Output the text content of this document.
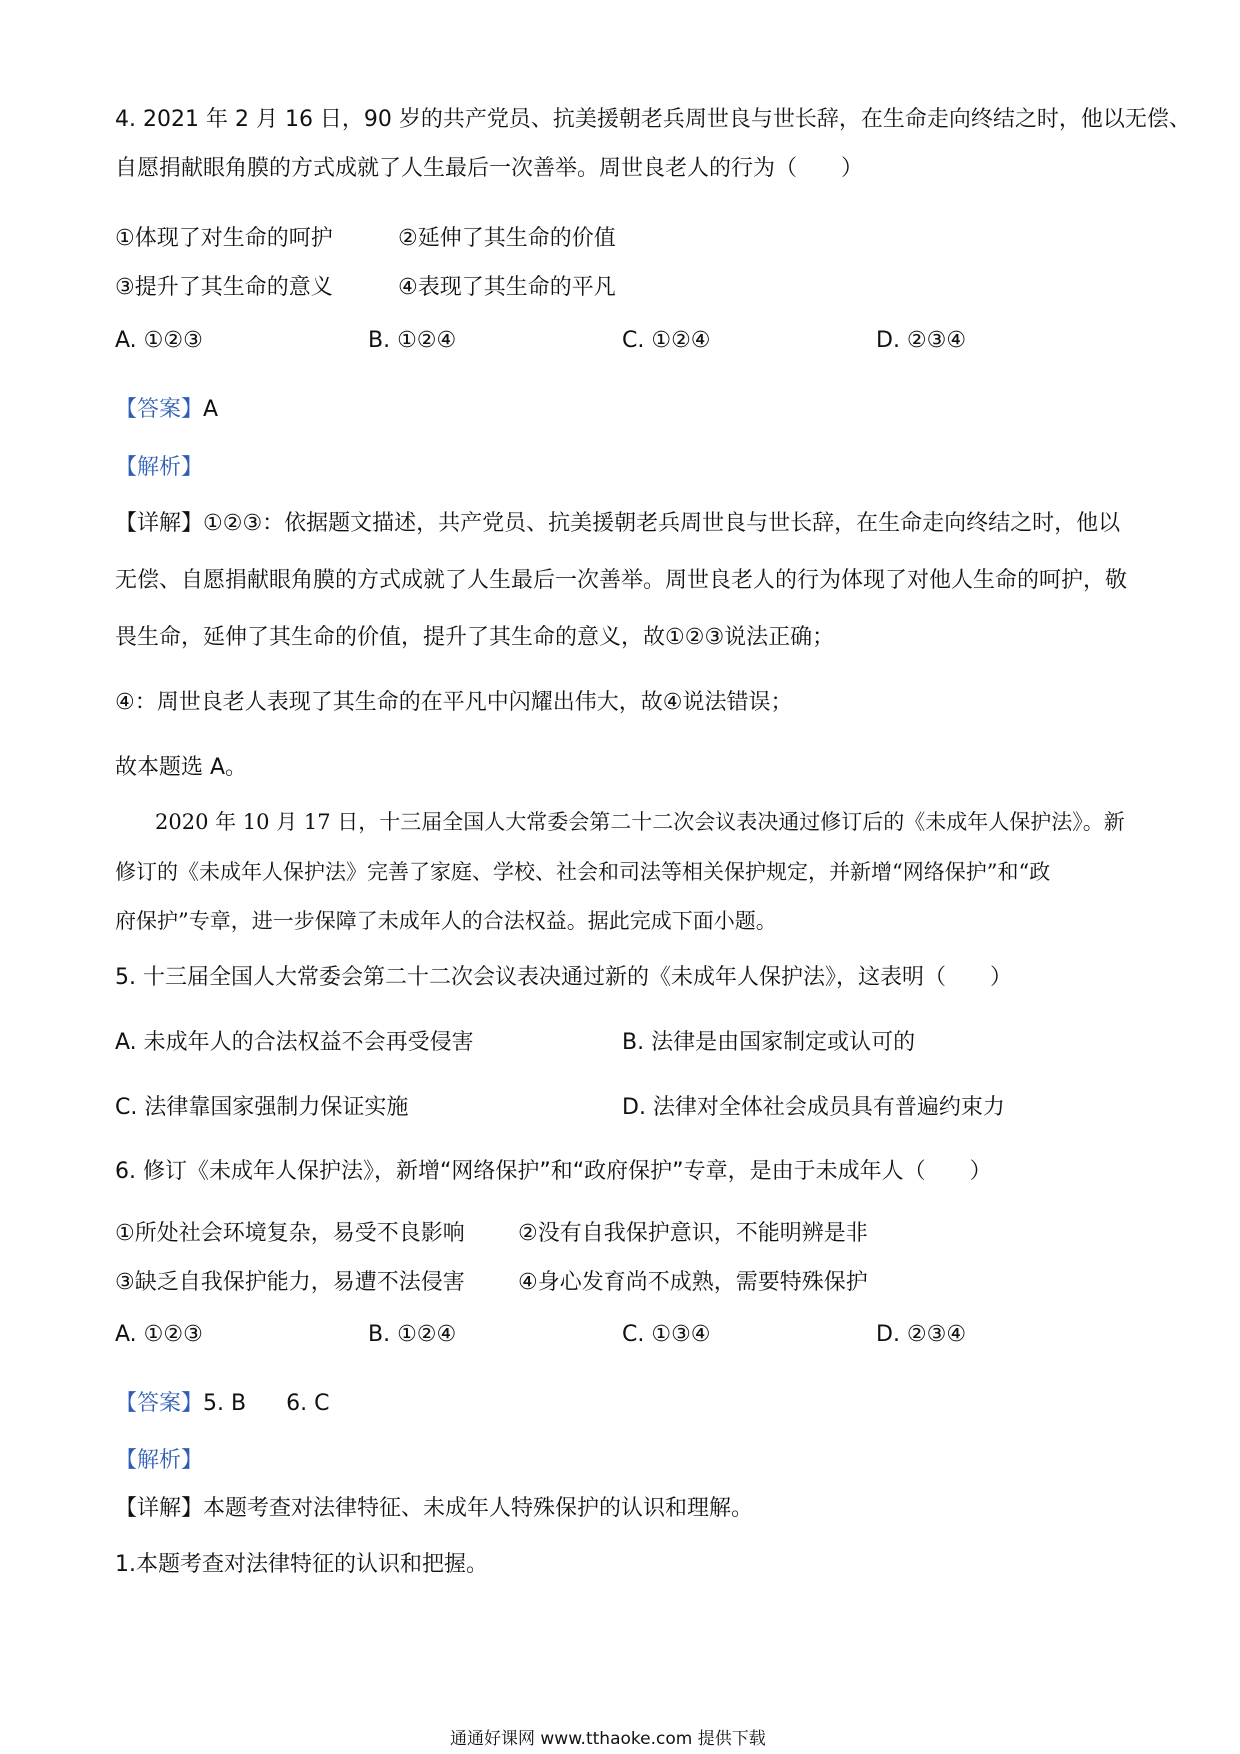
4. 2021 年 2 月 16 日，90 岁的共产党员、抗美援朝老兵周世良与世长辞，在生命走向终结之时，他以无偿、
自愿捐献眼角膜的方式成就了人生最后一次善举。周世良老人的行为（　　）
①体现了对生命的呵护	②延伸了其生命的价值
③提升了其生命的意义	④表现了其生命的平凡
A. ①②③	B. ①②④	C. ①②④	D. ②③④
【答案】A
【解析】
【详解】①②③：依据题文描述，共产党员、抗美援朝老兵周世良与世长辞，在生命走向终结之时，他以
无偿、自愿捐献眼角膜的方式成就了人生最后一次善举。周世良老人的行为体现了对他人生命的呵护，敬
畏生命，延伸了其生命的价值，提升了其生命的意义，故①②③说法正确；
④：周世良老人表现了其生命的在平凡中闪耀出伟大，故④说法错误；
故本题选 A。
2020 年 10 月 17 日，十三届全国人大常委会第二十二次会议表决通过修订后的《未成年人保护法》。新
修订的《未成年人保护法》完善了家庭、学校、社会和司法等相关保护规定，并新增“网络保护”和“政
府保护”专章，进一步保障了未成年人的合法权益。据此完成下面小题。
5. 十三届全国人大常委会第二十二次会议表决通过新的《未成年人保护法》，这表明（　　）
A. 未成年人的合法权益不会再受侵害	B. 法律是由国家制定或认可的
C. 法律靠国家强制力保证实施	D. 法律对全体社会成员具有普遍约束力
6. 修订《未成年人保护法》，新增“网络保护”和“政府保护”专章，是由于未成年人（　　）
①所处社会环境复杂，易受不良影响 ②没有自我保护意识，不能明辨是非
③缺乏自我保护能力，易遭不法侵害 ④身心发育尚不成熟，需要特殊保护
A. ①②③	B. ①②④	C. ①③④	D. ②③④
【答案】5. B 6. C
【解析】
【详解】本题考查对法律特征、未成年人特殊保护的认识和理解。
1.本题考查对法律特征的认识和把握。
通通好课网 www.tthaoke.com 提供下载
